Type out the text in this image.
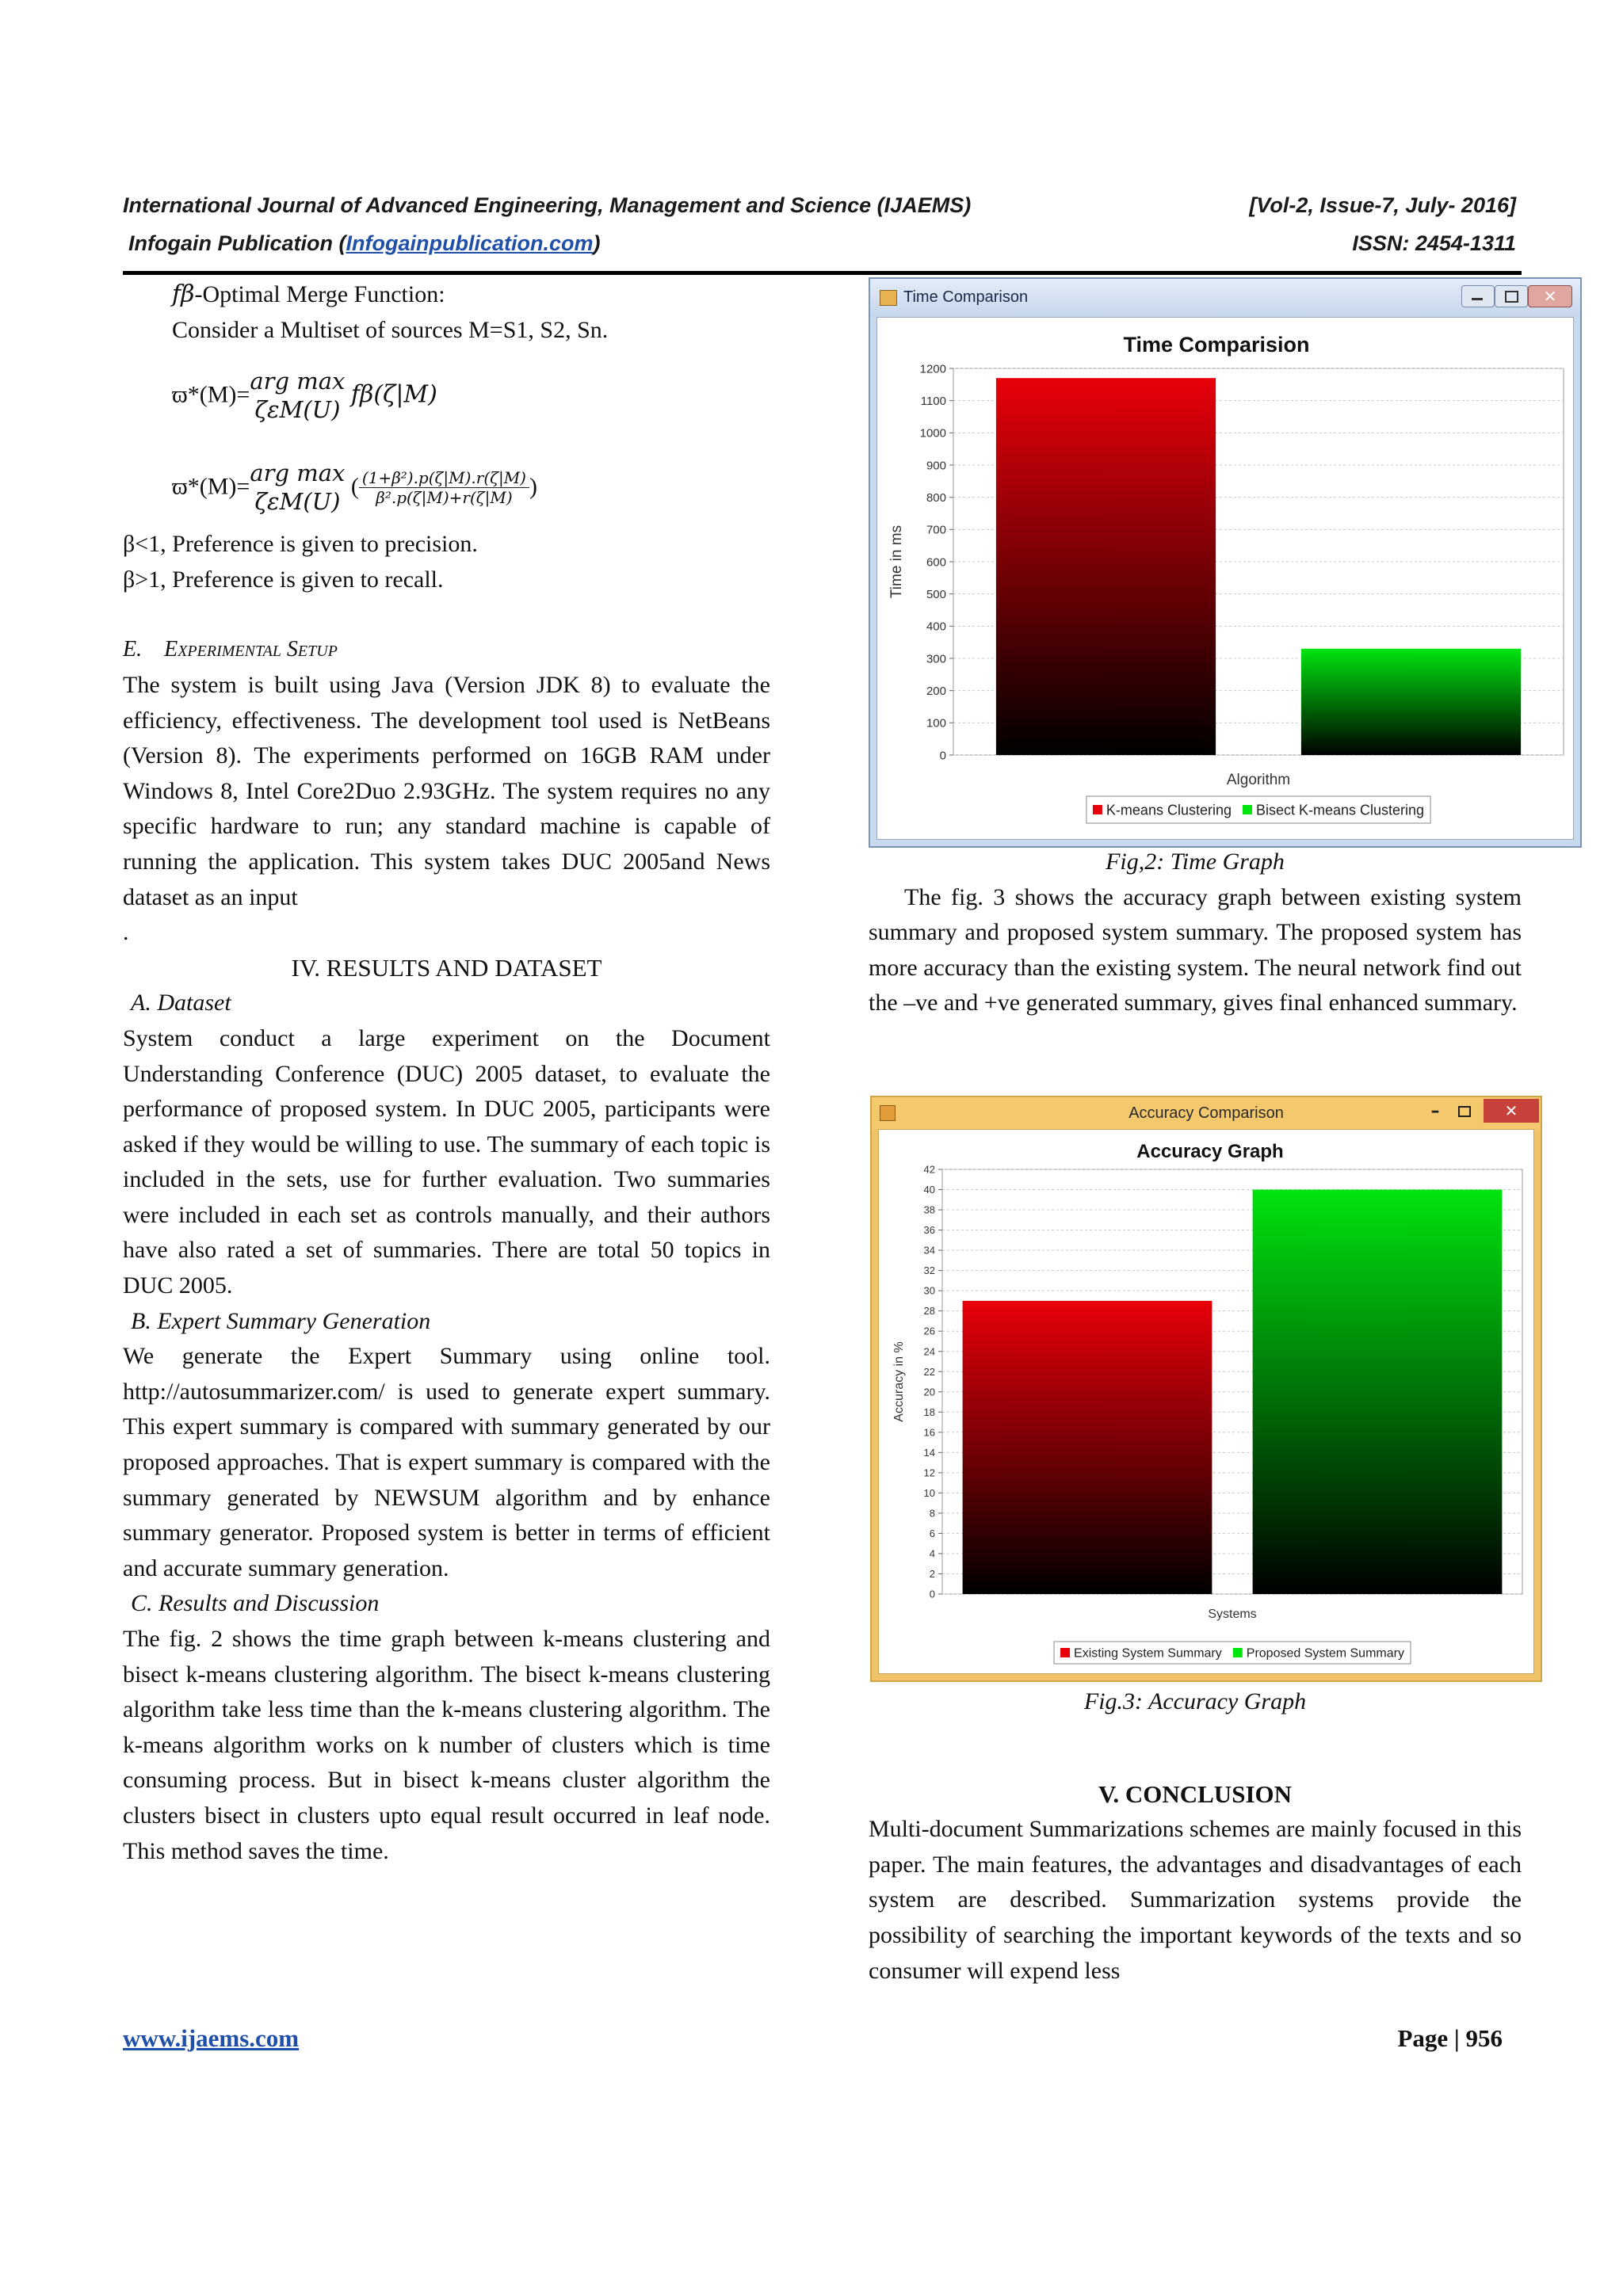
International Journal of Advanced Engineering, Management and Science (IJAEMS)	[Vol-2, Issue-7, July- 2016]
Infogain Publication (Infogainpublication.com)	ISSN: 2454-1311

fβ-Optimal Merge Function:

Consider a Multiset of sources M=S1, S2, Sn.

ϖ*(M)=
arg max
ζεM(U)
fβ(ζ|M)
ϖ*(M)=
arg max
ζεM(U)
( $\frac{\text{(1+β²).p(ζ|M).r(ζ|M)}}{\text{β².p(ζ|M)+r(ζ|M)}}$ )

β<1, Preference is given to precision.

β>1, Preference is given to recall.

E. Experimental Setup

The system is built using Java (Version JDK 8) to evaluate the efficiency, effectiveness. The development tool used is NetBeans (Version 8). The experiments performed on 16GB RAM under Windows 8, Intel Core2Duo 2.93GHz. The system requires no any specific hardware to run; any standard machine is capable of running the application. This system takes DUC 2005and News dataset as an input

.

IV. RESULTS AND DATASET

A. Dataset

System conduct a large experiment on the Document Understanding Conference (DUC) 2005 dataset, to evaluate the performance of proposed system. In DUC 2005, participants were asked if they would be willing to use. The summary of each topic is included in the sets, use for further evaluation. Two summaries were included in each set as controls manually, and their authors have also rated a set of summaries. There are total 50 topics in DUC 2005.

B. Expert Summary Generation

We generate the Expert Summary using online tool. http://autosummarizer.com/ is used to generate expert summary. This expert summary is compared with summary generated by our proposed approaches. That is expert summary is compared with the summary generated by NEWSUM algorithm and by enhance summary generator. Proposed system is better in terms of efficient and accurate summary generation.

C. Results and Discussion

The fig. 2 shows the time graph between k-means clustering and bisect k-means clustering algorithm. The bisect k-means clustering algorithm take less time than the k-means clustering algorithm. The k-means algorithm works on k number of clusters which is time consuming process. But in bisect k-means cluster algorithm the clusters bisect in clusters upto equal result occurred in leaf node. This method saves the time.

Time Comparison	✕
Time Comparision
0
100
200
300
400
500
600
700
800
900
1000
1100
1200
Algorithm
Time in ms
K-means Clustering Bisect K-means Clustering

Fig,2: Time Graph

The fig. 3 shows the accuracy graph between existing system summary and proposed system summary. The proposed system has more accuracy than the existing system. The neural network find out the –ve and +ve generated summary, gives final enhanced summary.

Accuracy Comparison	–	✕
Accuracy Graph
0
2
4
6
8
10
12
14
16
18
20
22
24
26
28
30
32
34
36
38
40
42
Systems
Accuracy in %
Existing System Summary Proposed System Summary

Fig.3: Accuracy Graph

V. CONCLUSION

Multi-document Summarizations schemes are mainly focused in this paper. The main features, the advantages and disadvantages of each system are described. Summarization systems provide the possibility of searching the important keywords of the texts and so consumer will expend less

www.ijaems.com	Page | 956
